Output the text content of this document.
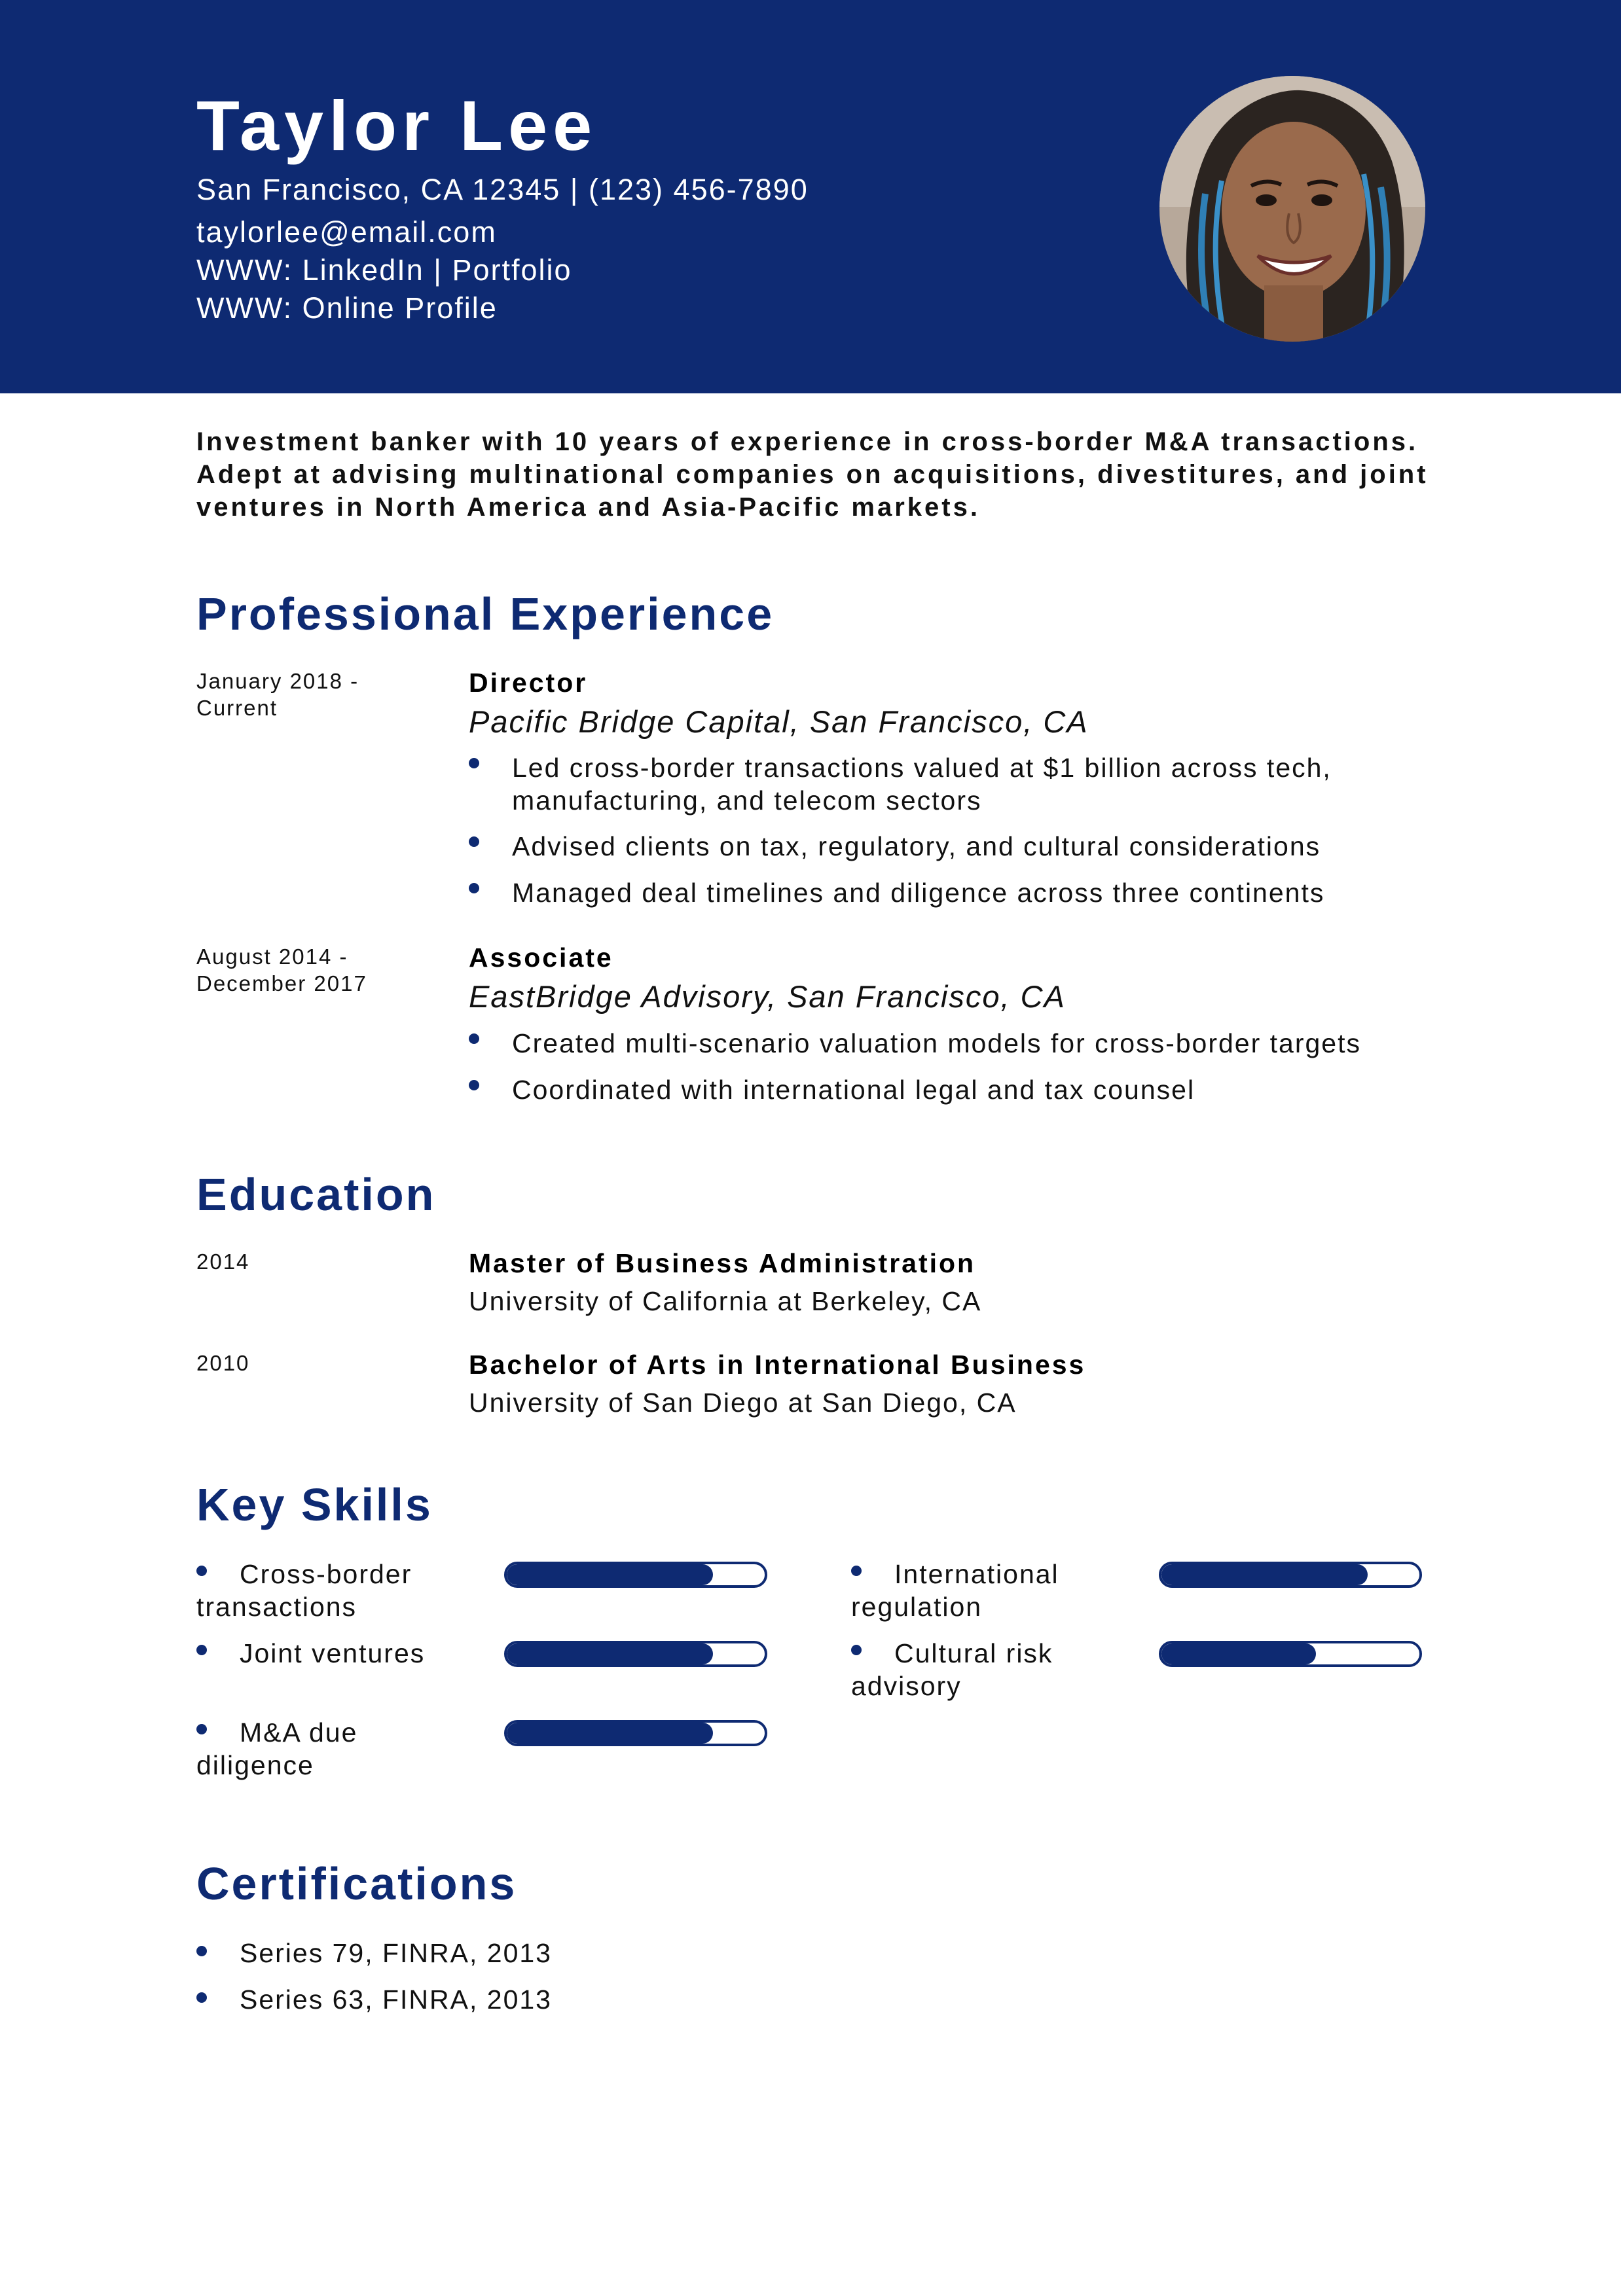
Taylor Lee
San Francisco, CA 12345 | (123) 456-7890
taylorlee@email.com
WWW: LinkedIn | Portfolio
WWW: Online Profile

Investment banker with 10 years of experience in cross-border M&A transactions. Adept at advising multinational companies on acquisitions, divestitures, and joint ventures in North America and Asia-Pacific markets.

Professional Experience
January 2018 - Current
Director
Pacific Bridge Capital, San Francisco, CA
Led cross-border transactions valued at $1 billion across tech, manufacturing, and telecom sectors
Advised clients on tax, regulatory, and cultural considerations
Managed deal timelines and diligence across three continents
August 2014 - December 2017
Associate
EastBridge Advisory, San Francisco, CA
Created multi-scenario valuation models for cross-border targets
Coordinated with international legal and tax counsel
Education
2014	Master of Business Administration
University of California at Berkeley, CA
2010	Bachelor of Arts in International Business
University of San Diego at San Diego, CA
Key Skills
Cross-border transactions
Joint ventures
M&A due diligence
International regulation
Cultural risk advisory
Certifications
Series 79, FINRA, 2013
Series 63, FINRA, 2013
